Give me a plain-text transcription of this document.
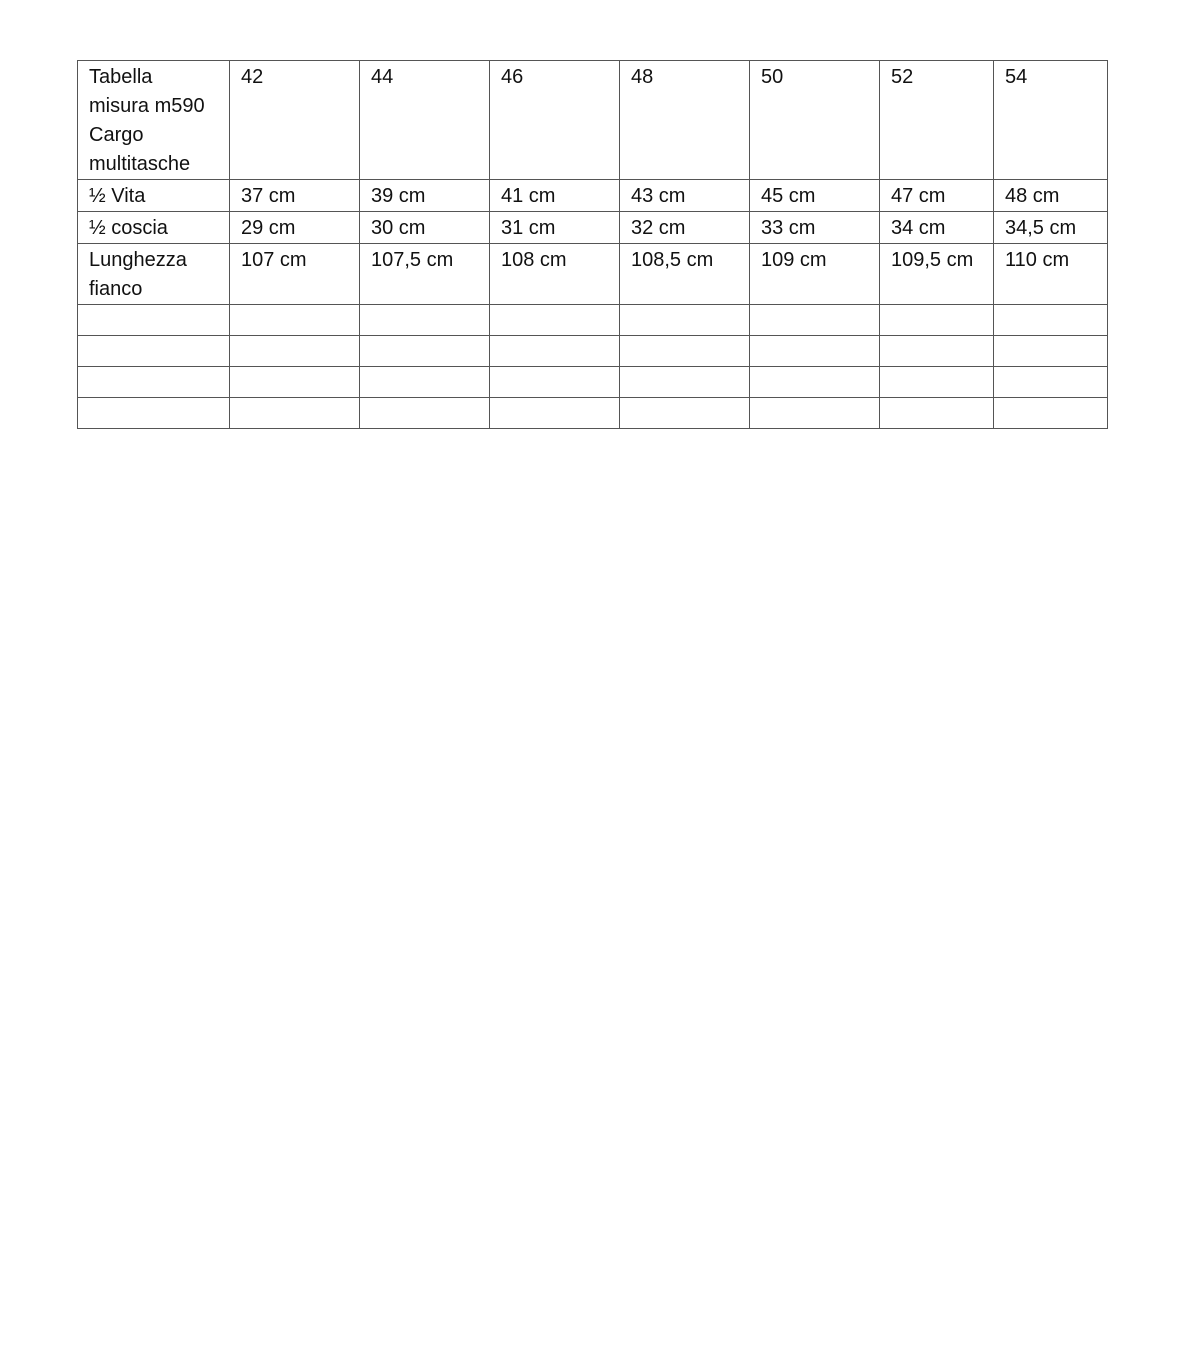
Tabella
misura m590
Cargo
multitasche	42	44	46	48	50	52	54
½ Vita	37 cm	39 cm	41 cm	43 cm	45 cm	47 cm	48 cm
½ coscia	29 cm	30 cm	31 cm	32 cm	33 cm	34 cm	34,5 cm
Lunghezza
fianco	107 cm	107,5 cm	108 cm	108,5 cm	109 cm	109,5 cm	110 cm
